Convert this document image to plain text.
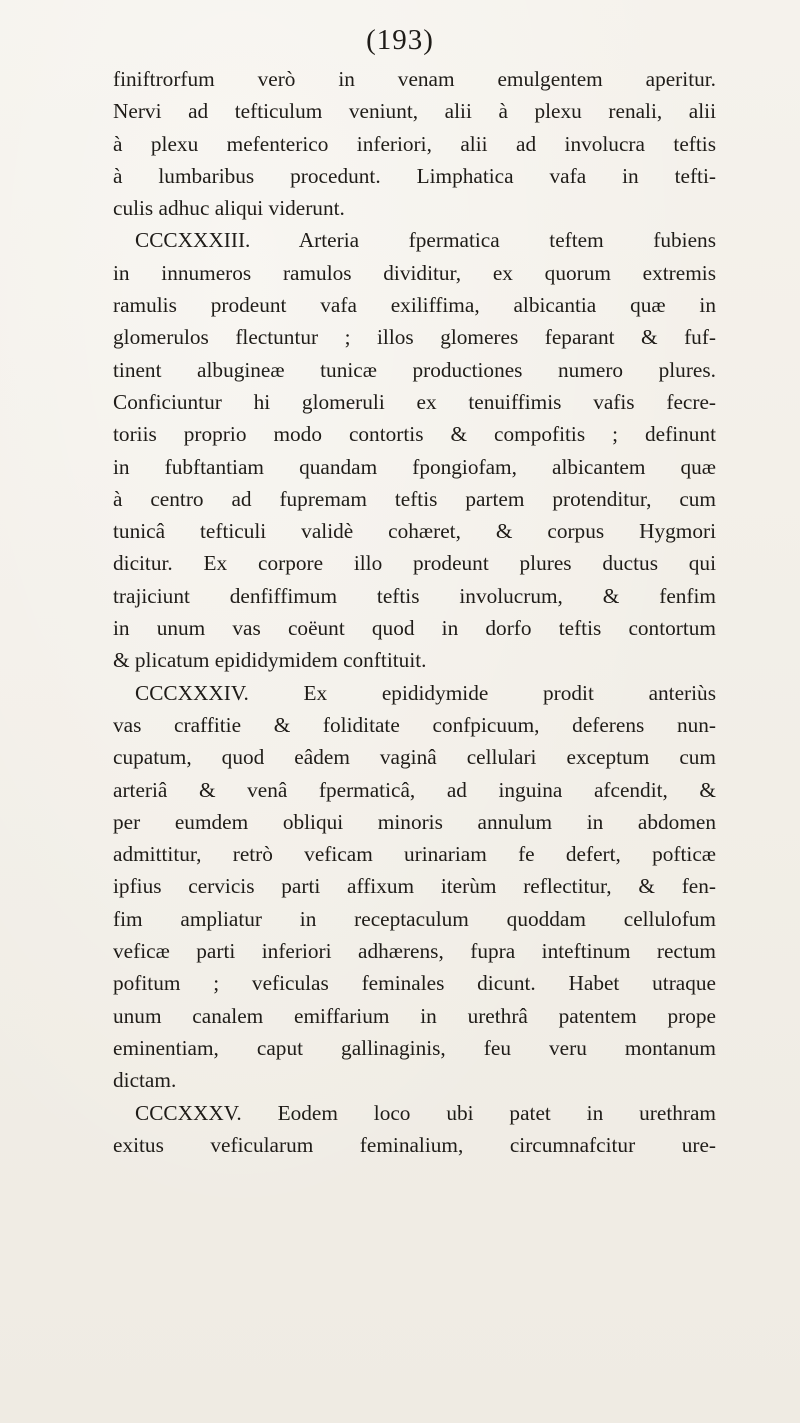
(193)
finiftrorfum verò in venam emulgentem aperitur.
Nervi ad tefticulum veniunt, alii à plexu renali, alii
à plexu mefenterico inferiori, alii ad involucra teftis
à lumbaribus procedunt. Limphatica vafa in tefti-
culis adhuc aliqui viderunt.
CCCXXXIII. Arteria fpermatica teftem fubiens
in innumeros ramulos dividitur, ex quorum extremis
ramulis prodeunt vafa exiliffima, albicantia quæ in
glomerulos flectuntur ; illos glomeres feparant & fuf-
tinent albugineæ tunicæ productiones numero plures.
Conficiuntur hi glomeruli ex tenuiffimis vafis fecre-
toriis proprio modo contortis & compofitis ; definunt
in fubftantiam quandam fpongiofam, albicantem quæ
à centro ad fupremam teftis partem protenditur, cum
tunicâ tefticuli validè cohæret, & corpus Hygmori
dicitur. Ex corpore illo prodeunt plures ductus qui
trajiciunt denfiffimum teftis involucrum, & fenfim
in unum vas coëunt quod in dorfo teftis contortum
& plicatum epididymidem conftituit.
CCCXXXIV. Ex epididymide prodit anteriùs
vas craffitie & foliditate confpicuum, deferens nun-
cupatum, quod eâdem vaginâ cellulari exceptum cum
arteriâ & venâ fpermaticâ, ad inguina afcendit, &
per eumdem obliqui minoris annulum in abdomen
admittitur, retrò veficam urinariam fe defert, pofticæ
ipfius cervicis parti affixum iterùm reflectitur, & fen-
fim ampliatur in receptaculum quoddam cellulofum
veficæ parti inferiori adhærens, fupra inteftinum rectum
pofitum ; veficulas feminales dicunt. Habet utraque
unum canalem emiffarium in urethrâ patentem prope
eminentiam, caput gallinaginis, feu veru montanum
dictam.
CCCXXXV. Eodem loco ubi patet in urethram
exitus veficularum feminalium, circumnafcitur ure-
